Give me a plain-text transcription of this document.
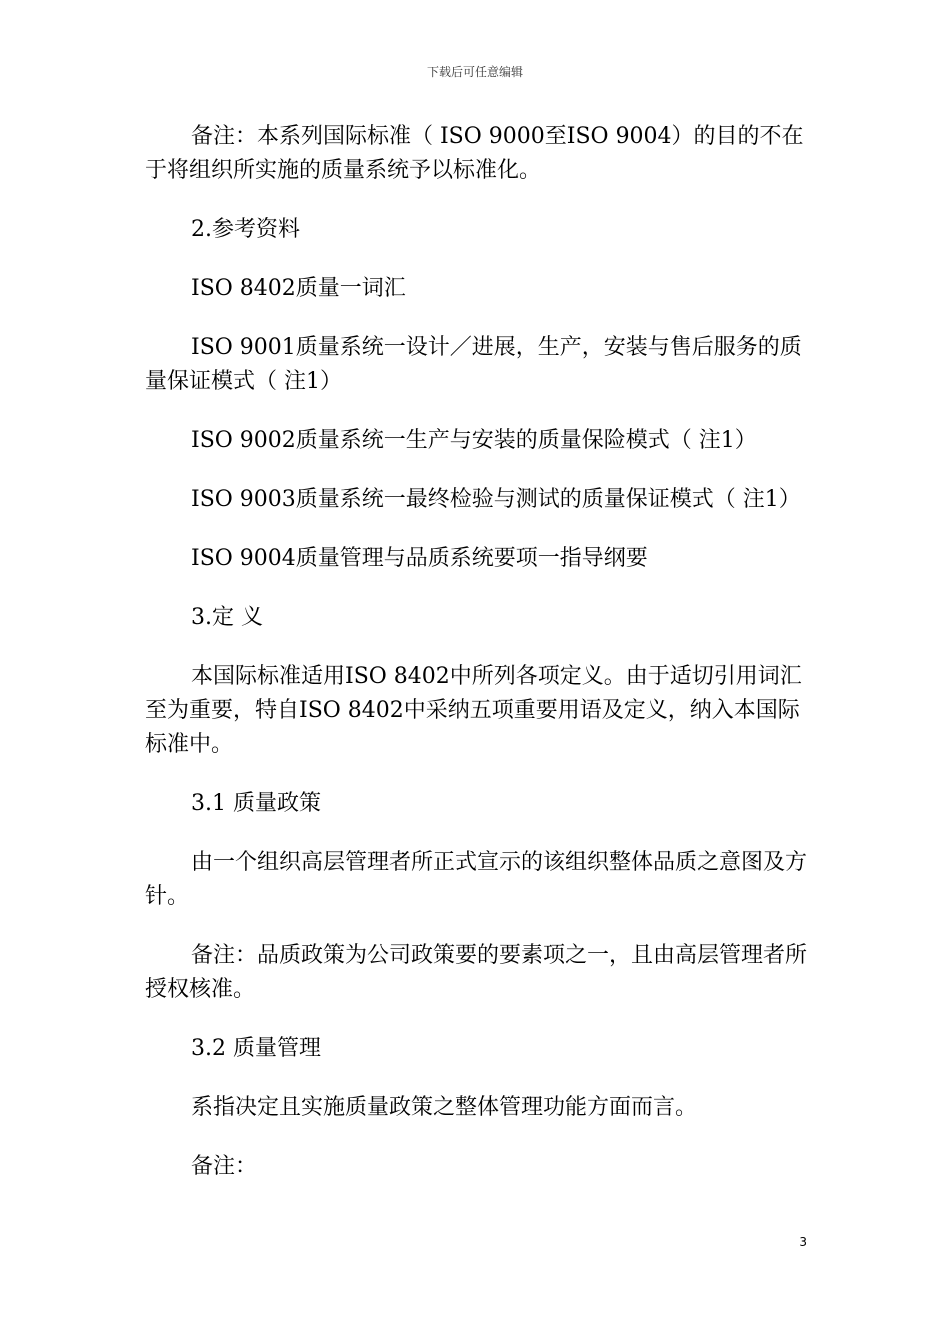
下载后可任意编辑

备注：本系列国际标准（ ISO 9000至ISO 9004）的目的不在于将组织所实施的质量系统予以标准化。

2.参考资料

ISO 8402质量一词汇

ISO 9001质量系统一设计／进展，生产，安装与售后服务的质量保证模式（ 注1）

ISO 9002质量系统一生产与安装的质量保险模式（ 注1）

ISO 9003质量系统一最终检验与测试的质量保证模式（ 注1）

ISO 9004质量管理与品质系统要项一指导纲要

3.定 义

本国际标准适用ISO 8402中所列各项定义。由于适切引用词汇至为重要，特自ISO 8402中采纳五项重要用语及定义，纳入本国际标准中。

3.1 质量政策

由一个组织高层管理者所正式宣示的该组织整体品质之意图及方针。

备注：品质政策为公司政策要的要素项之一，且由高层管理者所授权核准。

3.2 质量管理

系指决定且实施质量政策之整体管理功能方面而言。

备注：

3
